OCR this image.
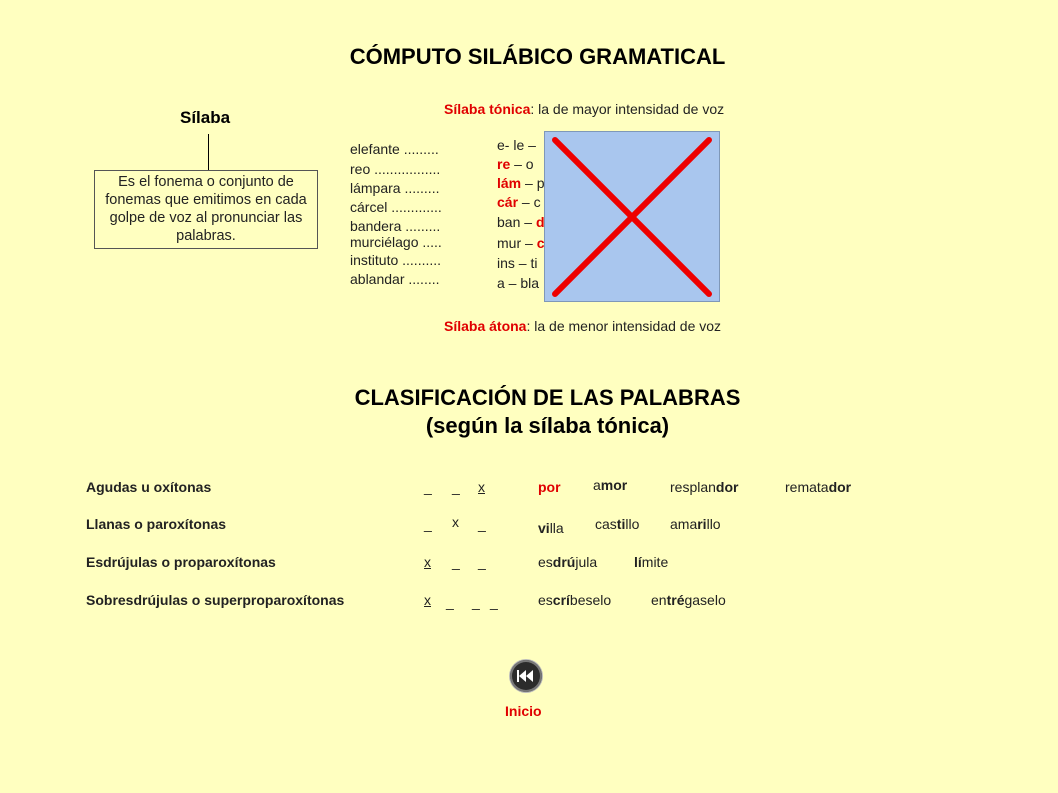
CÓMPUTO SILÁBICO GRAMATICAL
Sílaba
Es el fonema o conjunto de fonemas que emitimos en cada golpe de voz al pronunciar las palabras.
Sílaba tónica: la de mayor intensidad de voz
elefante .........
reo .................
lámpara .........
cárcel .............
bandera .........
murciélago .....
instituto ..........
ablandar ........
e- le –
re – o
lám – p
cár – c
ban – d
mur – c
ins – ti
a – bla
Sílaba átona: la de menor intensidad de voz
CLASIFICACIÓN DE LAS PALABRAS
(según la sílaba tónica)
Agudas u oxítonas	_ _ x	por amor	resplandor	rematador
Llanas o paroxítonas	_ x _	villa castillo amarillo
Esdrújulas o proparoxítonas	x _ _	esdrújula	límite
Sobresdrújulas o superproparoxítonas	x _ _ _	escríbeselo	entrégaselo
Inicio
